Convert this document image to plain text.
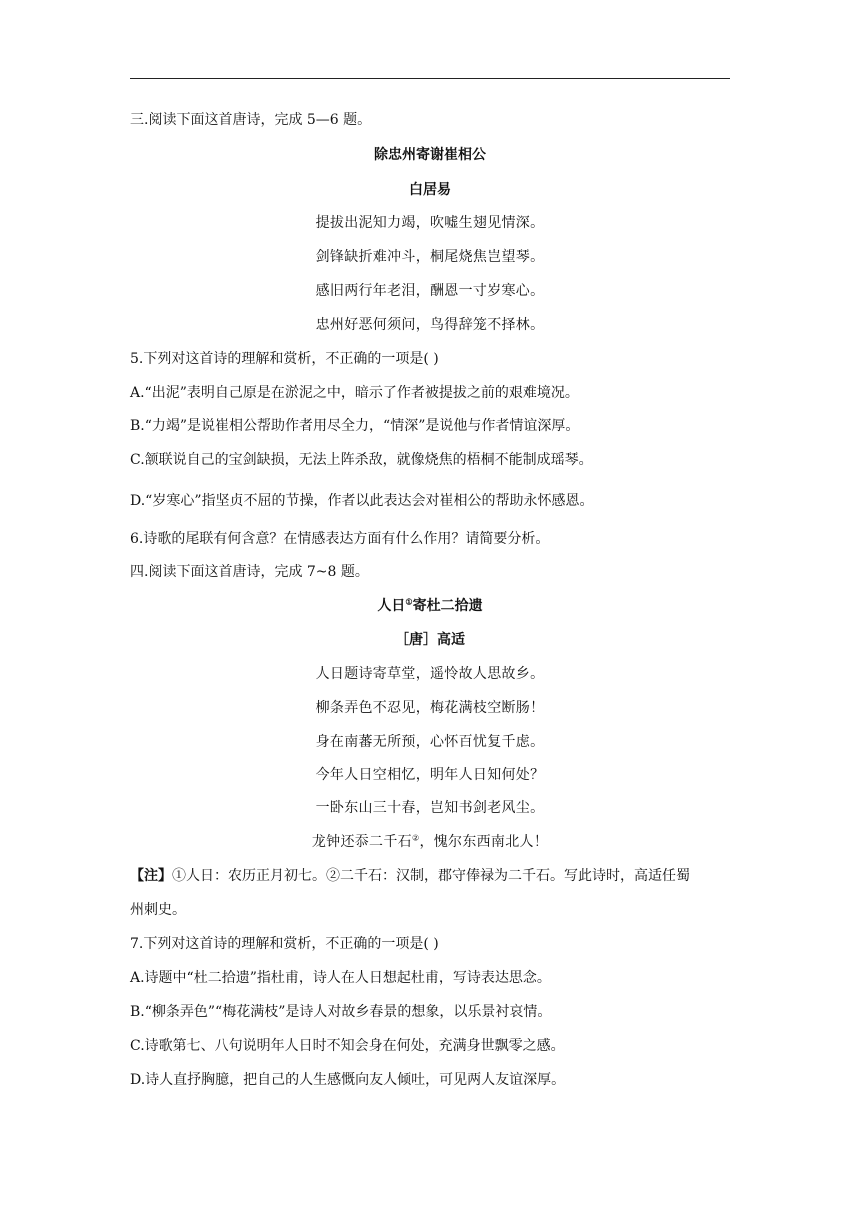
三.阅读下面这首唐诗，完成 5—6 题。
除忠州寄谢崔相公
白居易
提拔出泥知力竭，吹嘘生翅见情深。
剑锋缺折难冲斗，桐尾烧焦岂望琴。
感旧两行年老泪，酬恩一寸岁寒心。
忠州好恶何须问，鸟得辞笼不择林。
5.下列对这首诗的理解和赏析，不正确的一项是( )
A.“出泥”表明自己原是在淤泥之中，暗示了作者被提拔之前的艰难境况。
B.“力竭”是说崔相公帮助作者用尽全力，“情深”是说他与作者情谊深厚。
C.颔联说自己的宝剑缺损，无法上阵杀敌，就像烧焦的梧桐不能制成瑶琴。
D.“岁寒心”指坚贞不屈的节操，作者以此表达会对崔相公的帮助永怀感恩。
6.诗歌的尾联有何含意？在情感表达方面有什么作用？请简要分析。
四.阅读下面这首唐诗，完成 7~8 题。
人日①寄杜二拾遗
［唐］高适
人日题诗寄草堂，遥怜故人思故乡。
柳条弄色不忍见，梅花满枝空断肠！
身在南蕃无所预，心怀百忧复千虑。
今年人日空相忆，明年人日知何处？
一卧东山三十春，岂知书剑老风尘。
龙钟还忝二千石②，愧尔东西南北人！
【注】①人日：农历正月初七。②二千石：汉制，郡守俸禄为二千石。写此诗时，高适任蜀
州刺史。
7.下列对这首诗的理解和赏析，不正确的一项是( )
A.诗题中“杜二拾遗”指杜甫，诗人在人日想起杜甫，写诗表达思念。
B.“柳条弄色”“梅花满枝”是诗人对故乡春景的想象，以乐景衬哀情。
C.诗歌第七、八句说明年人日时不知会身在何处，充满身世飘零之感。
D.诗人直抒胸臆，把自己的人生感慨向友人倾吐，可见两人友谊深厚。
